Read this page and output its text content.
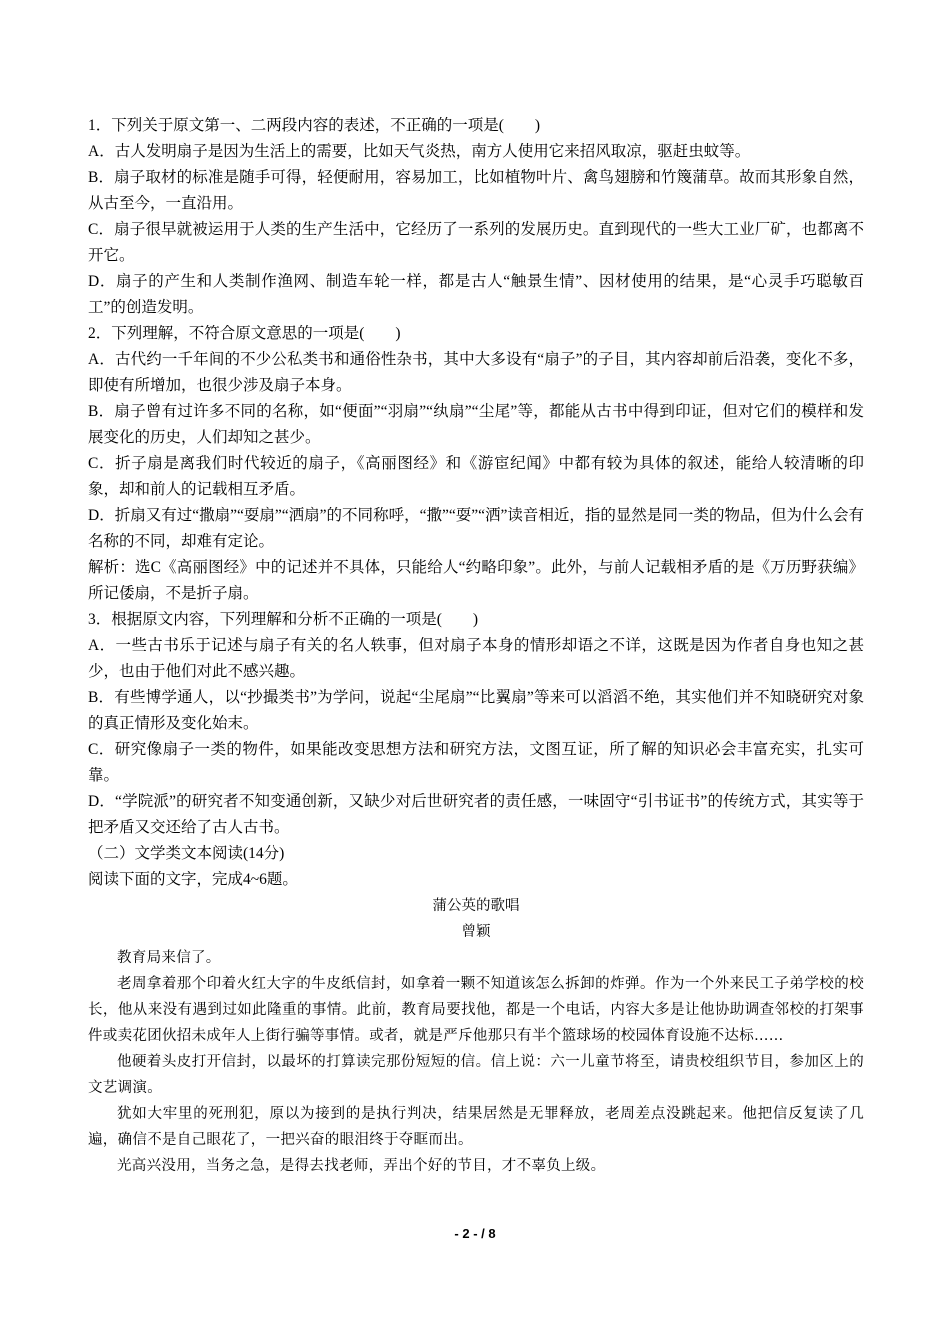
1．下列关于原文第一、二两段内容的表述，不正确的一项是(　　)

A．古人发明扇子是因为生活上的需要，比如天气炎热，南方人使用它来招风取凉，驱赶虫蚊等。

B．扇子取材的标准是随手可得，轻便耐用，容易加工，比如植物叶片、禽鸟翅膀和竹篾蒲草。故而其形象自然，从古至今，一直沿用。

C．扇子很早就被运用于人类的生产生活中，它经历了一系列的发展历史。直到现代的一些大工业厂矿，也都离不开它。

D．扇子的产生和人类制作渔网、制造车轮一样，都是古人“触景生情”、因材使用的结果，是“心灵手巧聪敏百工”的创造发明。

2．下列理解，不符合原文意思的一项是(　　)

A．古代约一千年间的不少公私类书和通俗性杂书，其中大多设有“扇子”的子目，其内容却前后沿袭，变化不多，即使有所增加，也很少涉及扇子本身。

B．扇子曾有过许多不同的名称，如“便面”“羽扇”“纨扇”“尘尾”等，都能从古书中得到印证，但对它们的模样和发展变化的历史，人们却知之甚少。

C．折子扇是离我们时代较近的扇子，《高丽图经》和《游宦纪闻》中都有较为具体的叙述，能给人较清晰的印象，却和前人的记载相互矛盾。

D．折扇又有过“撒扇”“耍扇”“洒扇”的不同称呼，“撒”“耍”“洒”读音相近，指的显然是同一类的物品，但为什么会有名称的不同，却难有定论。

解析：选C《高丽图经》中的记述并不具体，只能给人“约略印象”。此外，与前人记载相矛盾的是《万历野获编》所记倭扇，不是折子扇。

3．根据原文内容，下列理解和分析不正确的一项是(　　)

A．一些古书乐于记述与扇子有关的名人轶事，但对扇子本身的情形却语之不详，这既是因为作者自身也知之甚少，也由于他们对此不感兴趣。

B．有些博学通人，以“抄撮类书”为学问，说起“尘尾扇”“比翼扇”等来可以滔滔不绝，其实他们并不知晓研究对象的真正情形及变化始末。

C．研究像扇子一类的物件，如果能改变思想方法和研究方法，文图互证，所了解的知识必会丰富充实，扎实可靠。

D．“学院派”的研究者不知变通创新，又缺少对后世研究者的责任感，一味固守“引书证书”的传统方式，其实等于把矛盾又交还给了古人古书。

（二）文学类文本阅读(14分)

阅读下面的文字，完成4~6题。

蒲公英的歌唱
曾颖

教育局来信了。

老周拿着那个印着火红大字的牛皮纸信封，如拿着一颗不知道该怎么拆卸的炸弹。作为一个外来民工子弟学校的校长，他从来没有遇到过如此隆重的事情。此前，教育局要找他，都是一个电话，内容大多是让他协助调查邻校的打架事件或卖花团伙招未成年人上街行骗等事情。或者，就是严斥他那只有半个篮球场的校园体育设施不达标……

他硬着头皮打开信封，以最坏的打算读完那份短短的信。信上说：六一儿童节将至，请贵校组织节目，参加区上的文艺调演。

犹如大牢里的死刑犯，原以为接到的是执行判决，结果居然是无罪释放，老周差点没跳起来。他把信反复读了几遍，确信不是自己眼花了，一把兴奋的眼泪终于夺眶而出。

光高兴没用，当务之急，是得去找老师，弄出个好的节目，才不辜负上级。

- 2 - / 8
